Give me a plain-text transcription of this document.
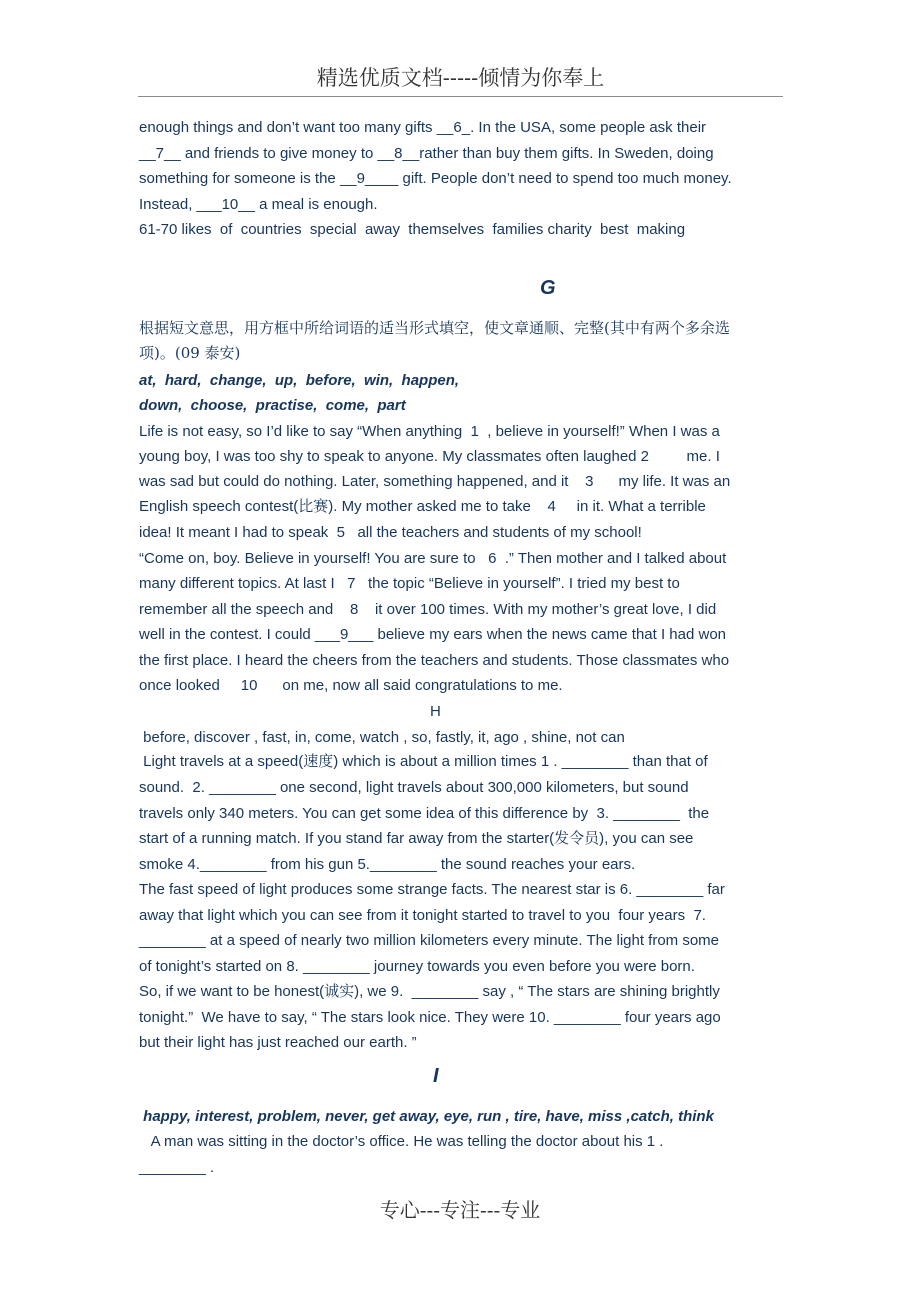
精选优质文档-----倾情为你奉上
enough things and don’t want too many gifts __6_. In the USA, some people ask their
__7__ and friends to give money to __8__rather than buy them gifts. In Sweden, doing
something for someone is the __9____ gift. People don’t need to spend too much money.
Instead, ___10__ a meal is enough.
61-70 likes  of  countries  special  away  themselves  families charity  best  making
G
根据短文意思，用方框中所给词语的适当形式填空，使文章通顺、完整(其中有两个多余选
项)。(09 泰安)
at,  hard,  change,  up,  before,  win,  happen,
down,  choose,  practise,  come,  part
Life is not easy, so I’d like to say “When anything  1  , believe in yourself!” When I was a
young boy, I was too shy to speak to anyone. My classmates often laughed 2         me. I
was sad but could do nothing. Later, something happened, and it    3      my life. It was an
English speech contest(比赛). My mother asked me to take    4     in it. What a terrible
idea! It meant I had to speak  5   all the teachers and students of my school!
“Come on, boy. Believe in yourself! You are sure to   6  .” Then mother and I talked about
many different topics. At last I   7   the topic “Believe in yourself”. I tried my best to
remember all the speech and    8    it over 100 times. With my mother’s great love, I did
well in the contest. I could ___9___ believe my ears when the news came that I had won
the first place. I heard the cheers from the teachers and students. Those classmates who
once looked     10      on me, now all said congratulations to me.
H
before, discover , fast, in, come, watch , so, fastly, it, ago , shine, not can
Light travels at a speed(速度) which is about a million times 1 . ________ than that of
sound.  2. ________ one second, light travels about 300,000 kilometers, but sound
travels only 340 meters. You can get some idea of this difference by  3. ________  the
start of a running match. If you stand far away from the starter(发令员), you can see
smoke 4.________ from his gun 5.________ the sound reaches your ears.
The fast speed of light produces some strange facts. The nearest star is 6. ________ far
away that light which you can see from it tonight started to travel to you  four years  7.
________ at a speed of nearly two million kilometers every minute. The light from some
of tonight’s started on 8. ________ journey towards you even before you were born.
So, if we want to be honest(诚实), we 9.  ________ say , “ The stars are shining brightly
tonight.”  We have to say, “ The stars look nice. They were 10. ________ four years ago
but their light has just reached our earth. ”
I
happy, interest, problem, never, get away, eye, run , tire, have, miss ,catch, think
A man was sitting in the doctor’s office. He was telling the doctor about his 1 .
________ .
专心---专注---专业
